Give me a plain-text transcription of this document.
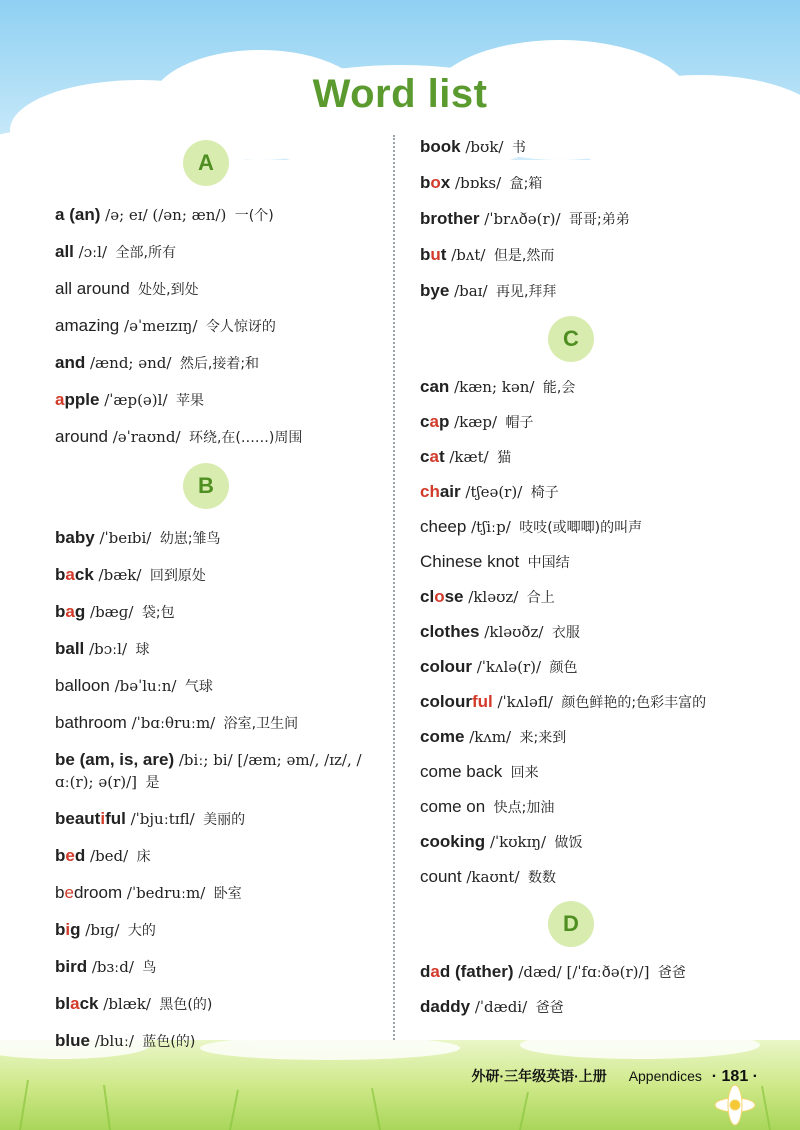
Word list
A

a (an) /ə; eɪ/ (/ən; æn/) 一(个)

all /ɔːl/ 全部,所有

all around 处处,到处

amazing /əˈmeɪzɪŋ/ 令人惊讶的

and /ænd; ənd/ 然后,接着;和

apple /ˈæp(ə)l/ 苹果

around /əˈraʊnd/ 环绕,在(……)周围

B

baby /ˈbeɪbi/ 幼崽;雏鸟

back /bæk/ 回到原处

bag /bæɡ/ 袋;包

ball /bɔːl/ 球

balloon /bəˈluːn/ 气球

bathroom /ˈbɑːθruːm/ 浴室,卫生间

be (am, is, are) /biː; bi/ [/æm; əm/, /ɪz/, /ɑː(r); ə(r)/] 是

beautiful /ˈbjuːtɪfl/ 美丽的

bed /bed/ 床

bedroom /ˈbedruːm/ 卧室

big /bɪɡ/ 大的

bird /bɜːd/ 鸟

black /blæk/ 黑色(的)

blue /bluː/ 蓝色(的)

book /bʊk/ 书

box /bɒks/ 盒;箱

brother /ˈbrʌðə(r)/ 哥哥;弟弟

but /bʌt/ 但是,然而

bye /baɪ/ 再见,拜拜

C

can /kæn; kən/ 能,会

cap /kæp/ 帽子

cat /kæt/ 猫

chair /tʃeə(r)/ 椅子

cheep /tʃiːp/ 吱吱(或唧唧)的叫声

Chinese knot 中国结

close /kləʊz/ 合上

clothes /kləʊðz/ 衣服

colour /ˈkʌlə(r)/ 颜色

colourful /ˈkʌləfl/ 颜色鲜艳的;色彩丰富的

come /kʌm/ 来;来到

come back 回来

come on 快点;加油

cooking /ˈkʊkɪŋ/ 做饭

count /kaʊnt/ 数数

D

dad (father) /dæd/ [/ˈfɑːðə(r)/] 爸爸

daddy /ˈdædi/ 爸爸

外研·三年级英语·上册 Appendices · 181 ·
